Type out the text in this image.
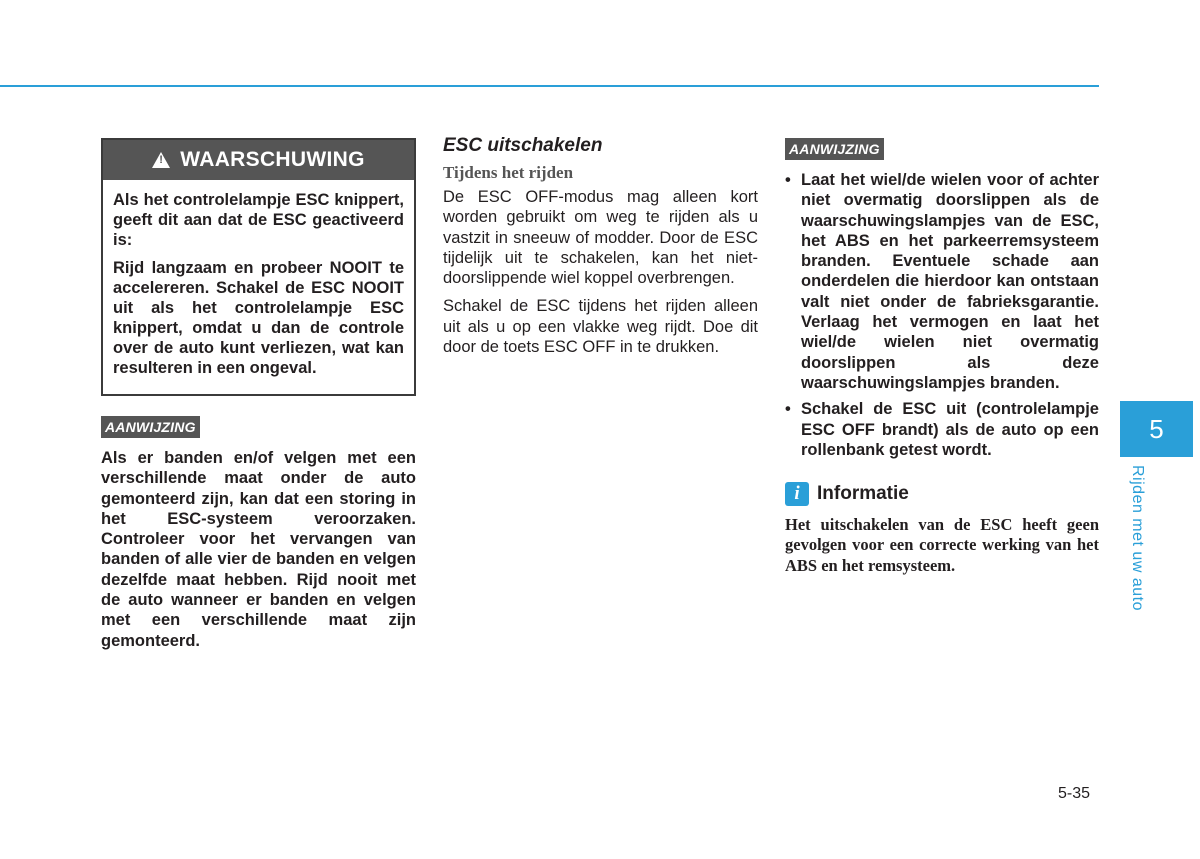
!
WAARSCHUWING

Als het controlelampje ESC knippert, geeft dit aan dat de ESC geactiveerd is:

Rijd langzaam en probeer NOOIT te accelereren. Schakel de ESC NOOIT uit als het controlelampje ESC knippert, omdat u dan de controle over de auto kunt verliezen, wat kan resulteren in een ongeval.

AANWIJZING

Als er banden en/of velgen met een verschillende maat onder de auto gemonteerd zijn, kan dat een storing in het ESC-systeem veroorzaken. Controleer voor het vervangen van banden of alle vier de banden en velgen dezelfde maat hebben. Rijd nooit met de auto wanneer er banden en velgen met een verschillende maat zijn gemonteerd.

ESC uitschakelen
Tijdens het rijden

De ESC OFF-modus mag alleen kort worden gebruikt om weg te rijden als u vastzit in sneeuw of modder. Door de ESC tijdelijk uit te schakelen, kan het niet-doorslippende wiel koppel overbrengen.

Schakel de ESC tijdens het rijden alleen uit als u op een vlakke weg rijdt. Doe dit door de toets ESC OFF in te drukken.

AANWIJZING
• Laat het wiel/de wielen voor of achter niet overmatig doorslippen als de waarschuwingslampjes van de ESC, het ABS en het parkeerremsysteem branden. Eventuele schade aan onderdelen die hierdoor kan ontstaan valt niet onder de fabrieksgarantie. Verlaag het vermogen en laat het wiel/de wielen niet overmatig doorslippen als deze waarschuwingslampjes branden.
• Schakel de ESC uit (controlelampje ESC OFF brandt) als de auto op een rollenbank getest wordt.
i Informatie

Het uitschakelen van de ESC heeft geen gevolgen voor een correcte werking van het ABS en het remsysteem.

5
Rijden met uw auto
5-35
